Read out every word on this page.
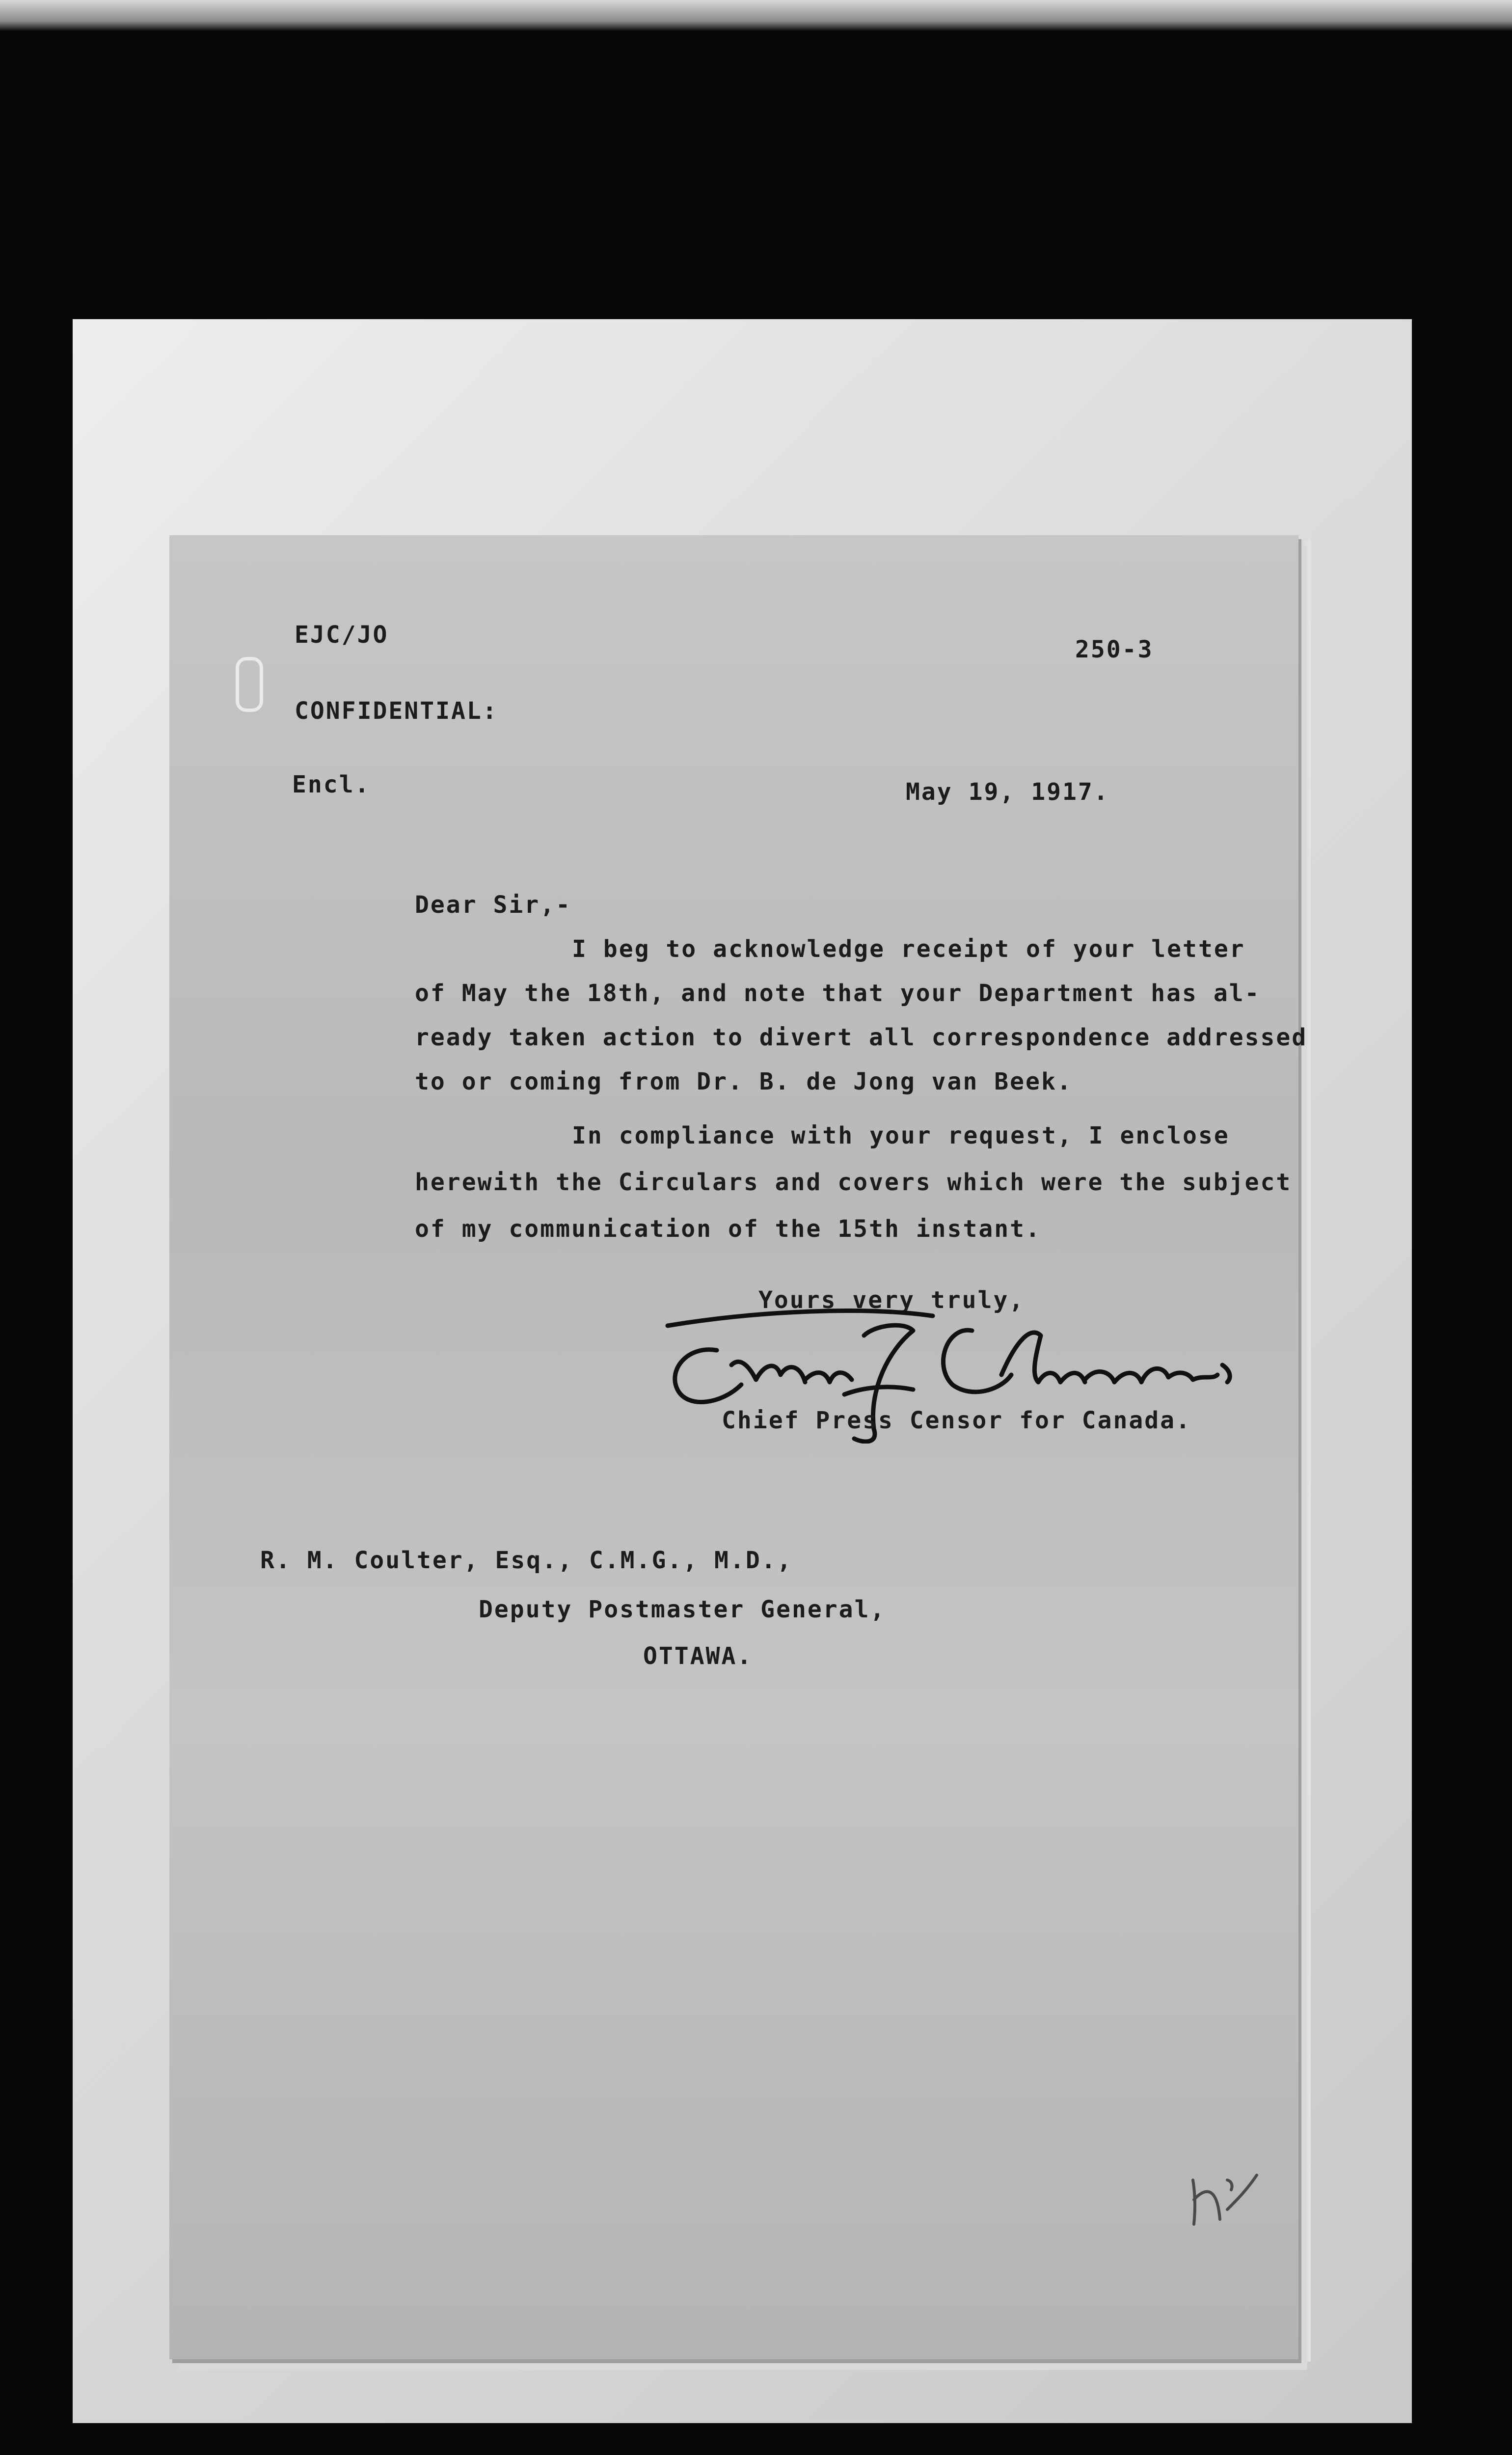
EJC/JO

250-3

CONFIDENTIAL:

Encl.	May 19, 1917.

Dear Sir,-

I beg to acknowledge receipt of your letter

of May the 18th, and note that your Department has al-

ready taken action to divert all correspondence addressed

to or coming from Dr. B. de Jong van Beek.

In compliance with your request, I enclose

herewith the Circulars and covers which were the subject

of my communication of the 15th instant.

Yours very truly,

Chief Press Censor for Canada.

R. M. Coulter, Esq., C.M.G., M.D.,

Deputy Postmaster General,

OTTAWA.
